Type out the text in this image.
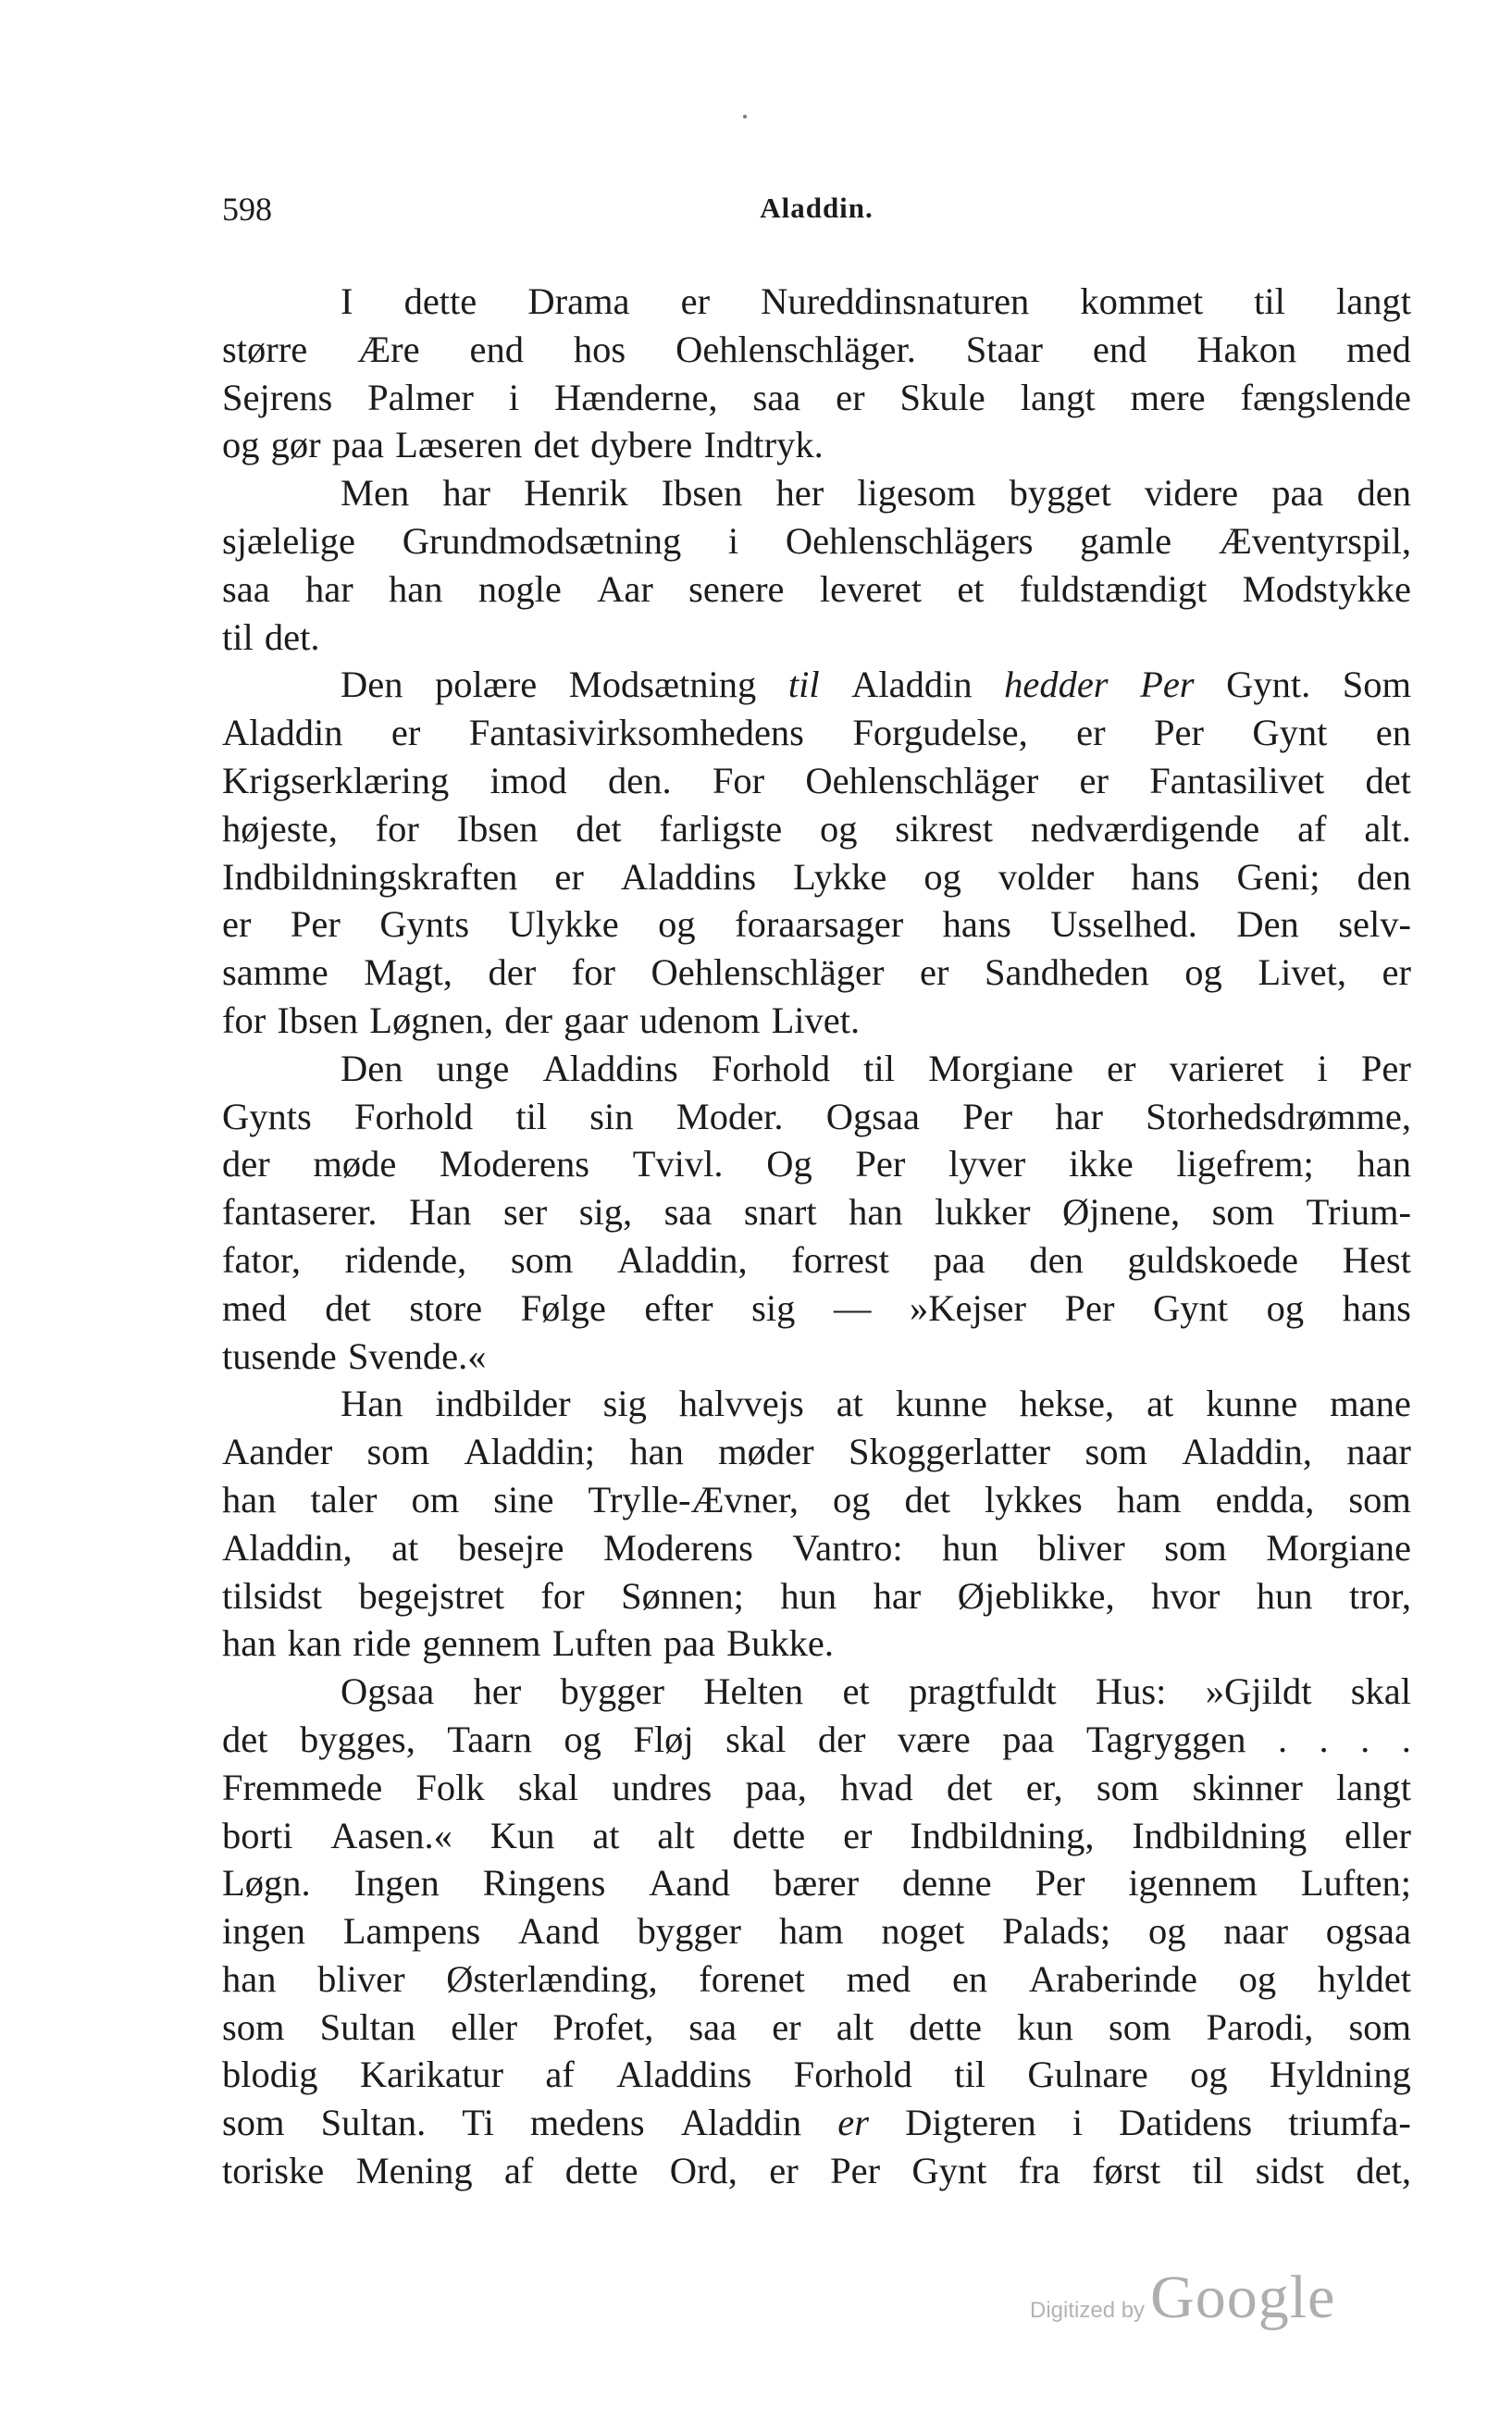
598	Aladdin.
I dette Drama er Nureddinsnaturen kommet til langt
større Ære end hos Oehlenschläger. Staar end Hakon med
Sejrens Palmer i Hænderne, saa er Skule langt mere fængslende
og gør paa Læseren det dybere Indtryk.
Men har Henrik Ibsen her ligesom bygget videre paa den
sjælelige Grundmodsætning i Oehlenschlägers gamle Æventyrspil,
saa har han nogle Aar senere leveret et fuldstændigt Modstykke
til det.
Den polære Modsætning til Aladdin hedder Per Gynt. Som
Aladdin er Fantasivirksomhedens Forgudelse, er Per Gynt en
Krigserklæring imod den. For Oehlenschläger er Fantasilivet det
højeste, for Ibsen det farligste og sikrest nedværdigende af alt.
Indbildningskraften er Aladdins Lykke og volder hans Geni; den
er Per Gynts Ulykke og foraarsager hans Usselhed. Den selv-
samme Magt, der for Oehlenschläger er Sandheden og Livet, er
for Ibsen Løgnen, der gaar udenom Livet.
Den unge Aladdins Forhold til Morgiane er varieret i Per
Gynts Forhold til sin Moder. Ogsaa Per har Storhedsdrømme,
der møde Moderens Tvivl. Og Per lyver ikke ligefrem; han
fantaserer. Han ser sig, saa snart han lukker Øjnene, som Trium-
fator, ridende, som Aladdin, forrest paa den guldskoede Hest
med det store Følge efter sig — »Kejser Per Gynt og hans
tusende Svende.«
Han indbilder sig halvvejs at kunne hekse, at kunne mane
Aander som Aladdin; han møder Skoggerlatter som Aladdin, naar
han taler om sine Trylle-Ævner, og det lykkes ham endda, som
Aladdin, at besejre Moderens Vantro: hun bliver som Morgiane
tilsidst begejstret for Sønnen; hun har Øjeblikke, hvor hun tror,
han kan ride gennem Luften paa Bukke.
Ogsaa her bygger Helten et pragtfuldt Hus: »Gjildt skal
det bygges, Taarn og Fløj skal der være paa Tagryggen . . . .
Fremmede Folk skal undres paa, hvad det er, som skinner langt
borti Aasen.« Kun at alt dette er Indbildning, Indbildning eller
Løgn. Ingen Ringens Aand bærer denne Per igennem Luften;
ingen Lampens Aand bygger ham noget Palads; og naar ogsaa
han bliver Østerlænding, forenet med en Araberinde og hyldet
som Sultan eller Profet, saa er alt dette kun som Parodi, som
blodig Karikatur af Aladdins Forhold til Gulnare og Hyldning
som Sultan. Ti medens Aladdin er Digteren i Datidens triumfa-
toriske Mening af dette Ord, er Per Gynt fra først til sidst det,
Digitized by Google
